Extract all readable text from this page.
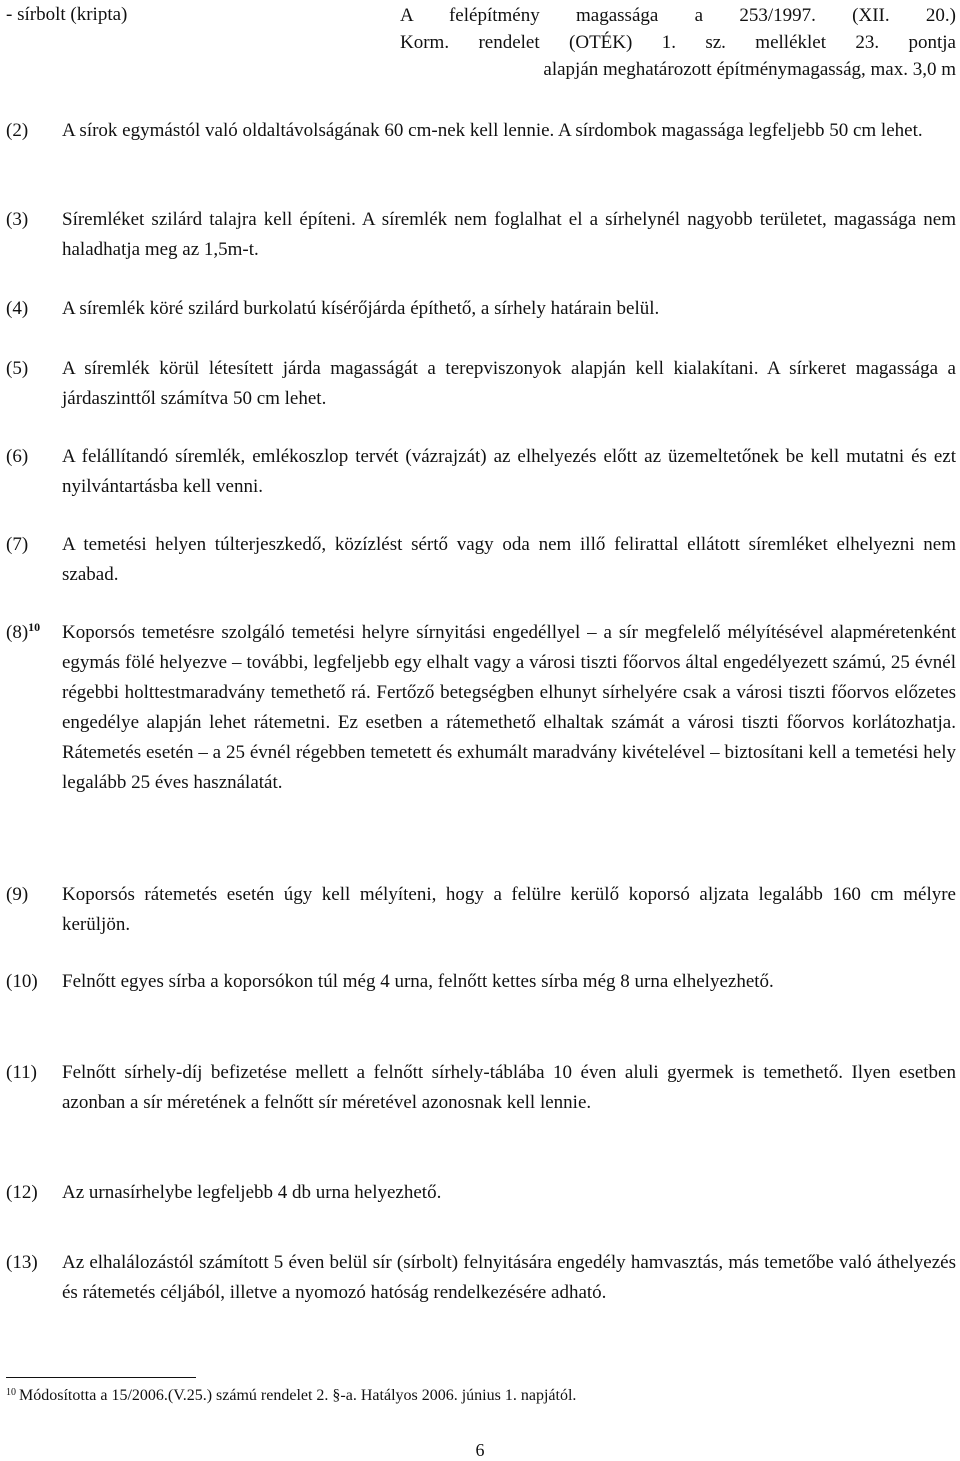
- sírbolt (kripta)	A felépítmény magassága a 253/1997. (XII. 20.)
Korm. rendelet (OTÉK) 1. sz. melléklet 23. pontja
alapján meghatározott építménymagasság, max. 3,0 m
(2) A sírok egymástól való oldaltávolságának 60 cm-nek kell lennie. A sírdombok magassága legfeljebb 50 cm lehet.
(3) Síremléket szilárd talajra kell építeni. A síremlék nem foglalhat el a sírhelynél nagyobb területet, magassága nem haladhatja meg az 1,5m-t.
(4) A síremlék köré szilárd burkolatú kísérőjárda építhető, a sírhely határain belül.
(5) A síremlék körül létesített járda magasságát a terepviszonyok alapján kell kialakítani. A sírkeret magassága a járdaszinttől számítva 50 cm lehet.
(6) A felállítandó síremlék, emlékoszlop tervét (vázrajzát) az elhelyezés előtt az üzemeltetőnek be kell mutatni és ezt nyilvántartásba kell venni.
(7) A temetési helyen túlterjeszkedő, közízlést sértő vagy oda nem illő felirattal ellátott síremléket elhelyezni nem szabad.
$(8)^{10}$ Koporsós temetésre szolgáló temetési helyre sírnyitási engedéllyel – a sír megfelelő mélyítésével alapméretenként egymás fölé helyezve – további, legfeljebb egy elhalt vagy a városi tiszti főorvos által engedélyezett számú, 25 évnél régebbi holttestmaradvány temethető rá. Fertőző betegségben elhunyt sírhelyére csak a városi tiszti főorvos előzetes engedélye alapján lehet rátemetni. Ez esetben a rátemethető elhaltak számát a városi tiszti főorvos korlátozhatja. Rátemetés esetén – a 25 évnél régebben temetett és exhumált maradvány kivételével – biztosítani kell a temetési hely legalább 25 éves használatát.
(9) Koporsós rátemetés esetén úgy kell mélyíteni, hogy a felülre kerülő koporsó aljzata legalább 160 cm mélyre kerüljön.
(10) Felnőtt egyes sírba a koporsókon túl még 4 urna, felnőtt kettes sírba még 8 urna elhelyezhető.
(11) Felnőtt sírhely-díj befizetése mellett a felnőtt sírhely-táblába 10 éven aluli gyermek is temethető. Ilyen esetben azonban a sír méretének a felnőtt sír méretével azonosnak kell lennie.
(12) Az urnasírhelybe legfeljebb 4 db urna helyezhető.
(13) Az elhalálozástól számított 5 éven belül sír (sírbolt) felnyitására engedély hamvasztás, más temetőbe való áthelyezés és rátemetés céljából, illetve a nyomozó hatóság rendelkezésére adható.
$^{10}$ Módosította a 15/2006.(V.25.) számú rendelet 2. §-a. Hatályos 2006. június 1. napjától.
6
